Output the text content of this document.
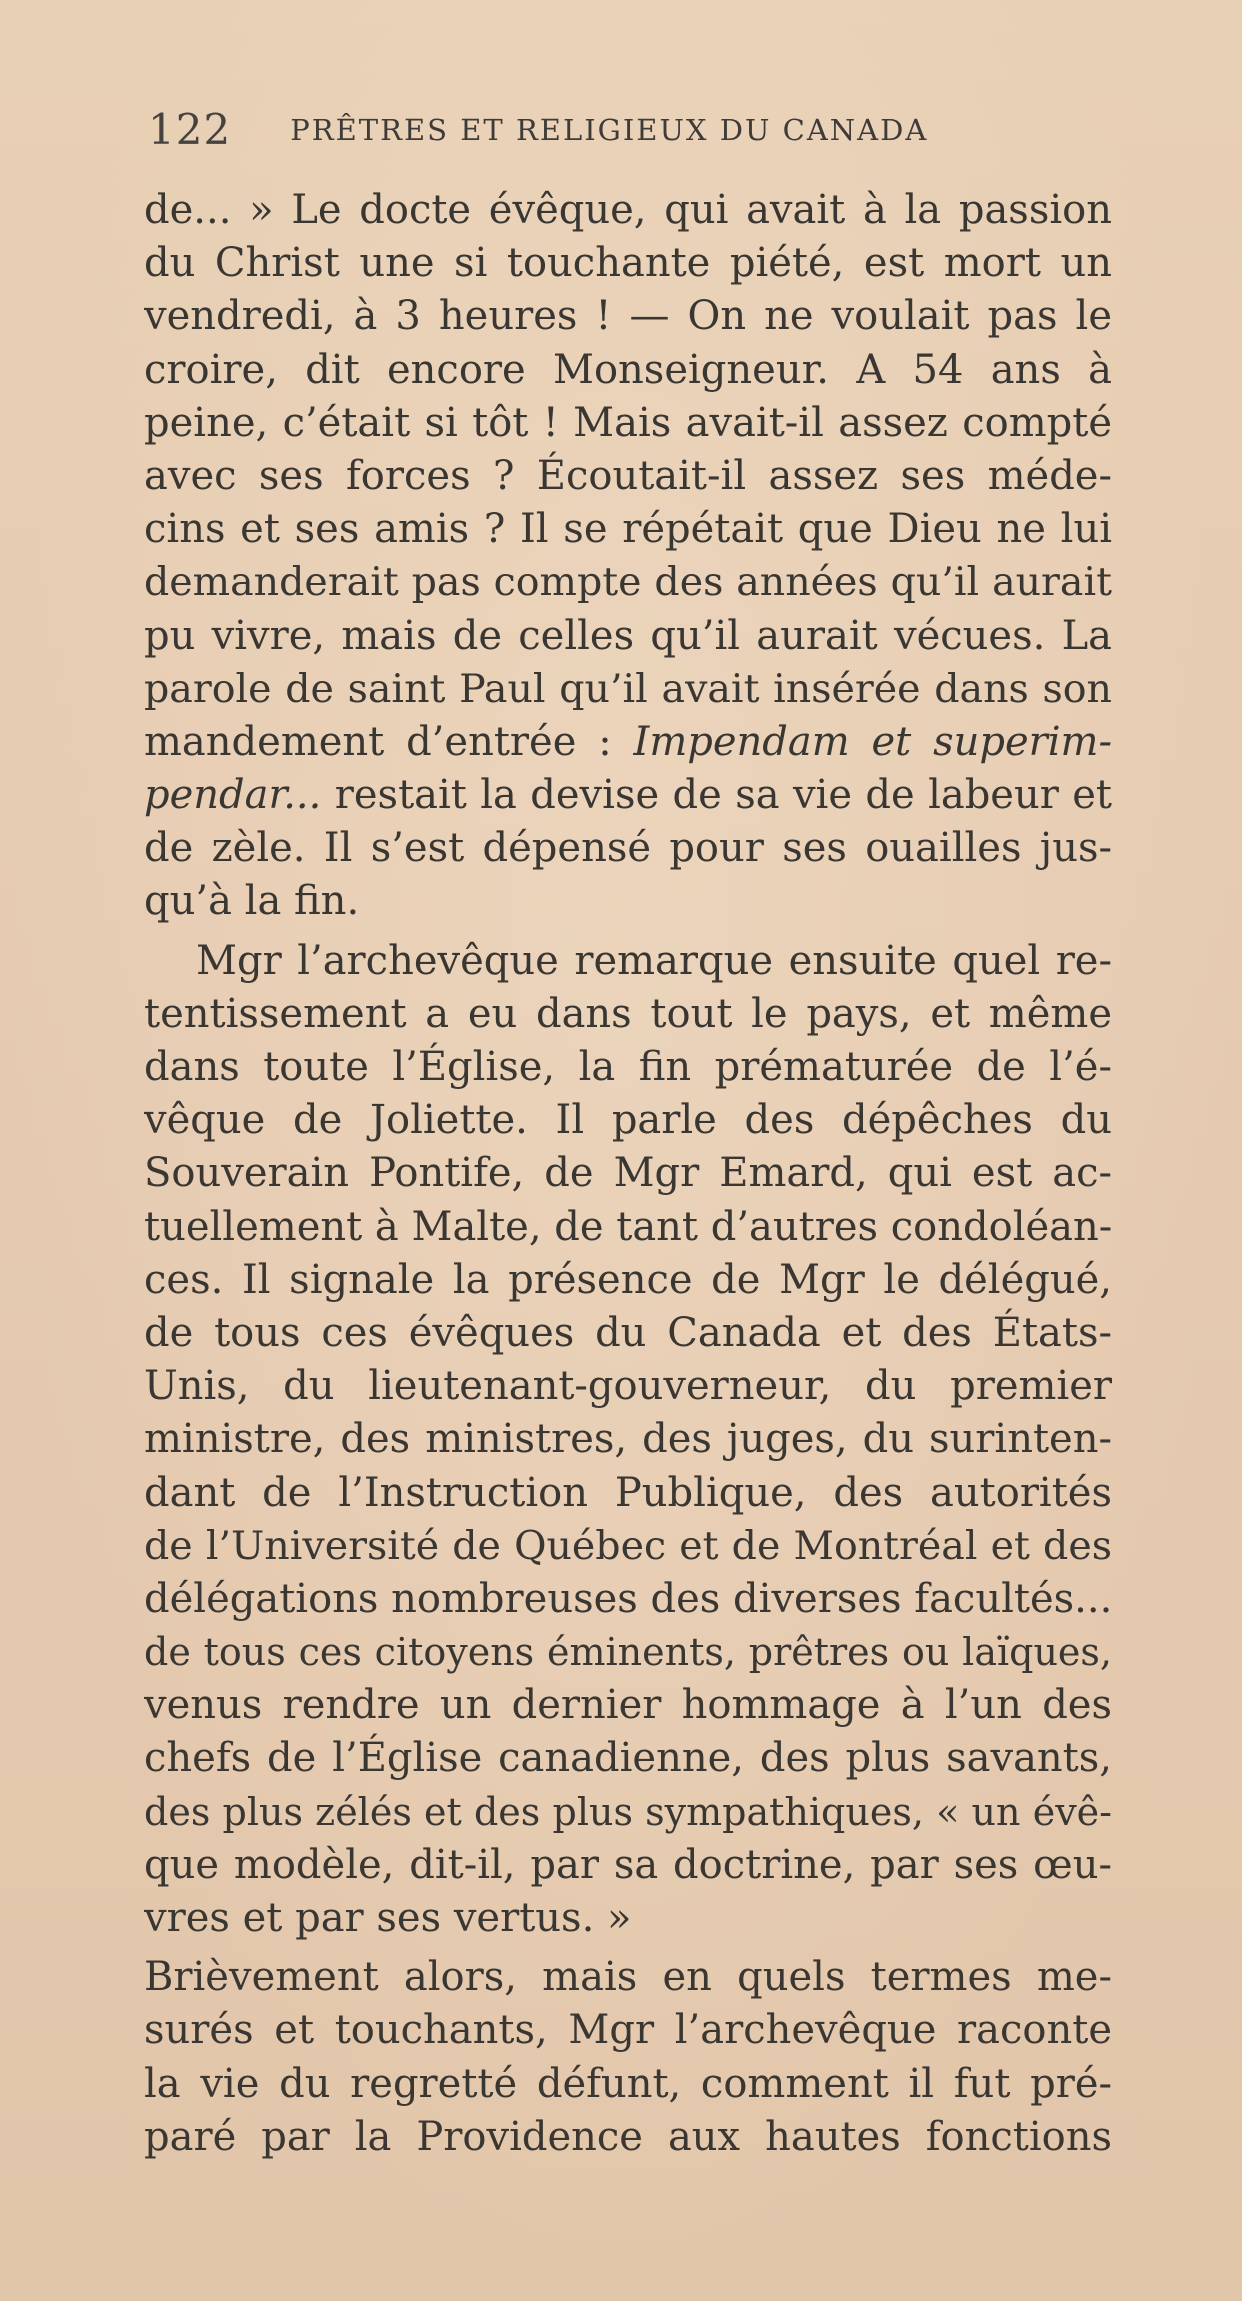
122 PRÊTRES ET RELIGIEUX DU CANADA
de... » Le docte évêque, qui avait à la passion
du Christ une si touchante piété, est mort un
vendredi, à 3 heures ! — On ne voulait pas le
croire, dit encore Monseigneur. A 54 ans à
peine, c’était si tôt ! Mais avait-il assez compté
avec ses forces ? Écoutait-il assez ses méde-
cins et ses amis ? Il se répétait que Dieu ne lui
demanderait pas compte des années qu’il aurait
pu vivre, mais de celles qu’il aurait vécues. La
parole de saint Paul qu’il avait insérée dans son
mandement d’entrée : Impendam et superim-
pendar... restait la devise de sa vie de labeur et
de zèle. Il s’est dépensé pour ses ouailles jus-
qu’à la fin.
Mgr l’archevêque remarque ensuite quel re-
tentissement a eu dans tout le pays, et même
dans toute l’Église, la fin prématurée de l’é-
vêque de Joliette. Il parle des dépêches du
Souverain Pontife, de Mgr Emard, qui est ac-
tuellement à Malte, de tant d’autres condoléan-
ces. Il signale la présence de Mgr le délégué,
de tous ces évêques du Canada et des États-
Unis, du lieutenant-gouverneur, du premier
ministre, des ministres, des juges, du surinten-
dant de l’Instruction Publique, des autorités
de l’Université de Québec et de Montréal et des
délégations nombreuses des diverses facultés...
de tous ces citoyens éminents, prêtres ou laïques,
venus rendre un dernier hommage à l’un des
chefs de l’Église canadienne, des plus savants,
des plus zélés et des plus sympathiques, « un évê-
que modèle, dit-il, par sa doctrine, par ses œu-
vres et par ses vertus. »
Brièvement alors, mais en quels termes me-
surés et touchants, Mgr l’archevêque raconte
la vie du regretté défunt, comment il fut pré-
paré par la Providence aux hautes fonctions
